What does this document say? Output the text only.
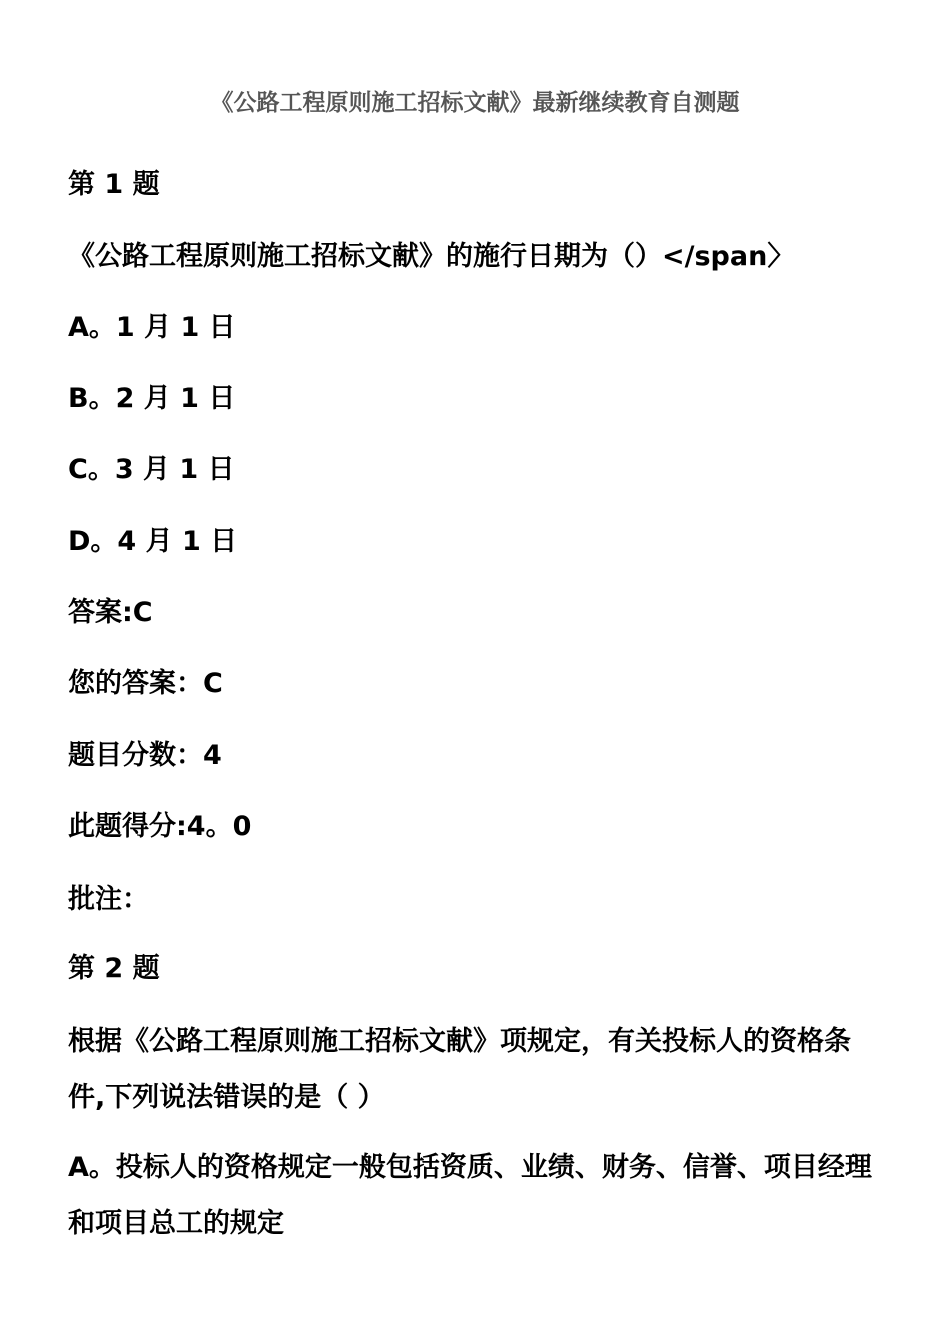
《公路工程原则施工招标文献》最新继续教育自测题
第 1 题
《公路工程原则施工招标文献》的施行日期为（）</span〉
A。1 月 1 日
B。2 月 1 日
C。3 月 1 日
D。4 月 1 日
答案:C
您的答案：C
题目分数：4
此题得分:4。0
批注：
第 2 题
根据《公路工程原则施工招标文献》项规定，有关投标人的资格条件,下列说法错误的是（ ）
A。投标人的资格规定一般包括资质、业绩、财务、信誉、项目经理和项目总工的规定
